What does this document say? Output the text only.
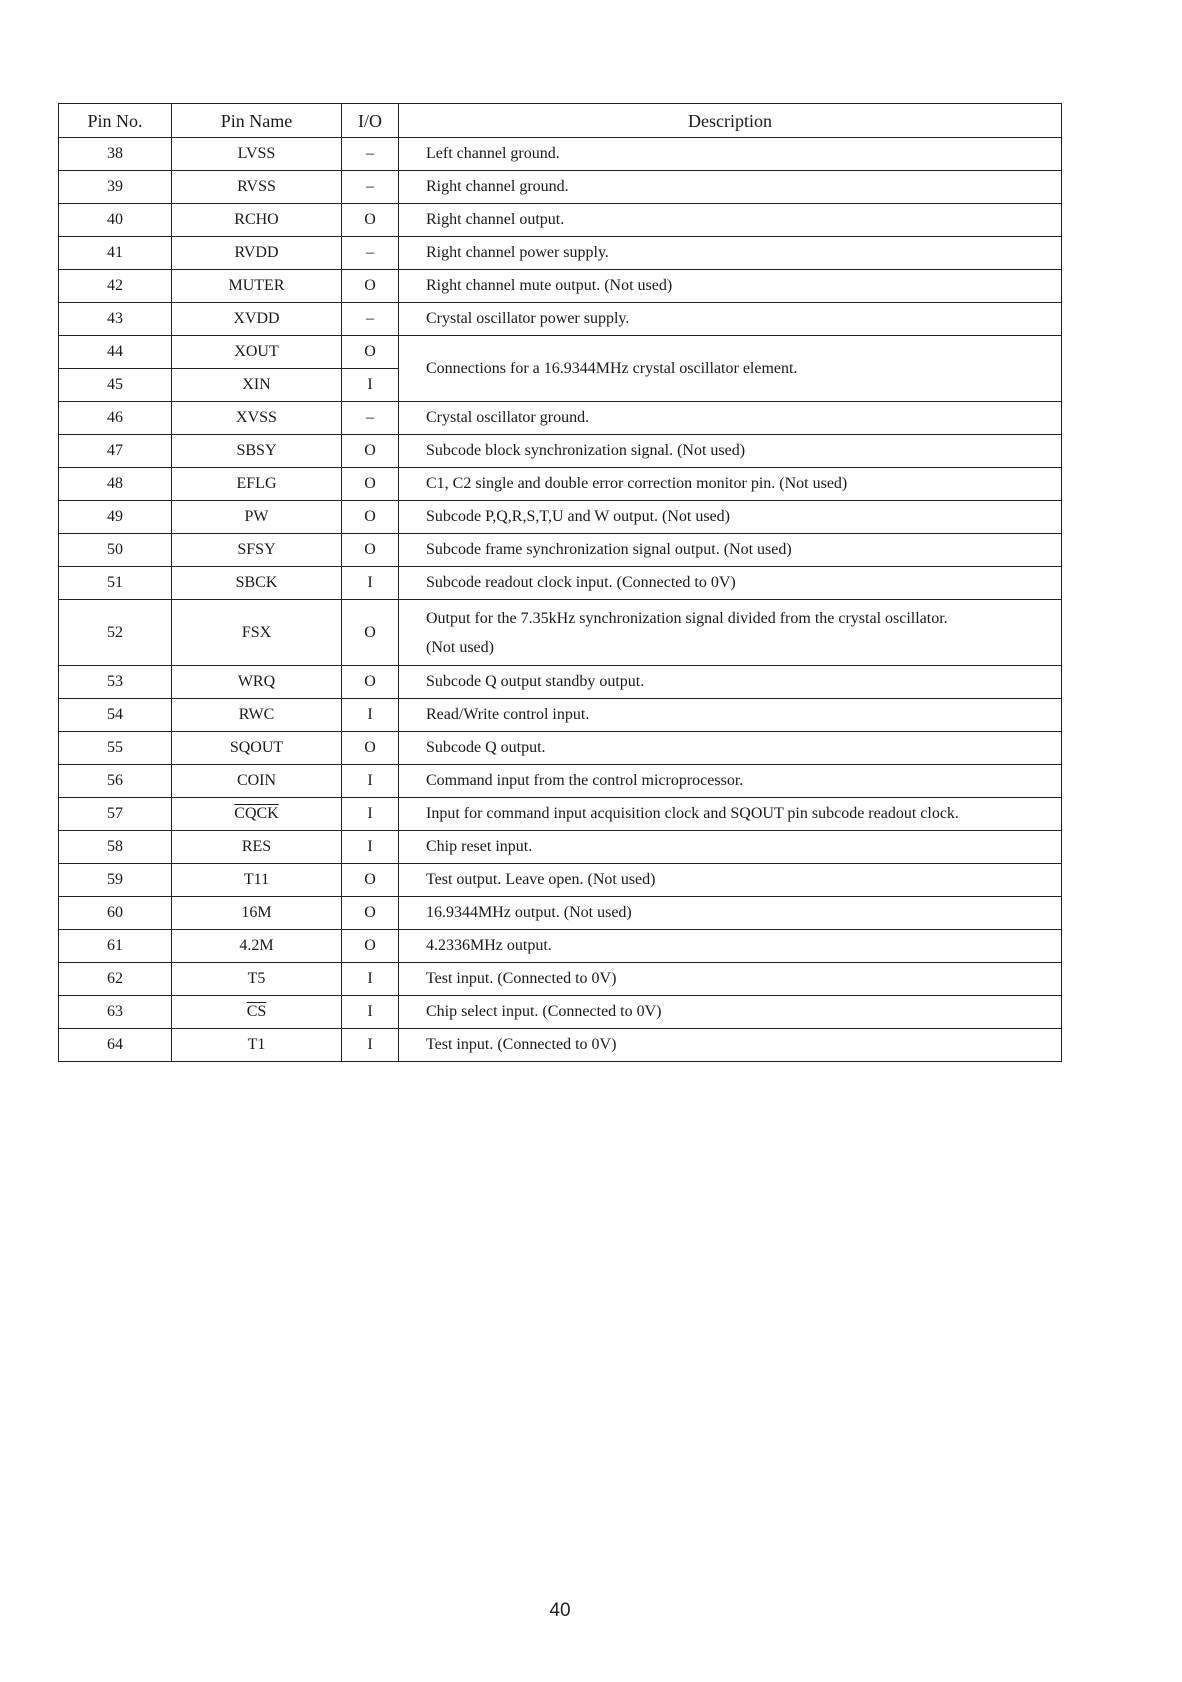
Pin No.	Pin Name	I/O	Description
38	LVSS	–	Left channel ground.
39	RVSS	–	Right channel ground.
40	RCHO	O	Right channel output.
41	RVDD	–	Right channel power supply.
42	MUTER	O	Right channel mute output. (Not used)
43	XVDD	–	Crystal oscillator power supply.
44	XOUT	O	Connections for a 16.9344MHz crystal oscillator element.
45	XIN	I	
46	XVSS	–	Crystal oscillator ground.
47	SBSY	O	Subcode block synchronization signal. (Not used)
48	EFLG	O	C1, C2 single and double error correction monitor pin. (Not used)
49	PW	O	Subcode P,Q,R,S,T,U and W output. (Not used)
50	SFSY	O	Subcode frame synchronization signal output. (Not used)
51	SBCK	I	Subcode readout clock input. (Connected to 0V)
52	FSX	O	Output for the 7.35kHz synchronization signal divided from the crystal oscillator.
(Not used)
53	WRQ	O	Subcode Q output standby output.
54	RWC	I	Read/Write control input.
55	SQOUT	O	Subcode Q output.
56	COIN	I	Command input from the control microprocessor.
57	CQCK	I	Input for command input acquisition clock and SQOUT pin subcode readout clock.
58	RES	I	Chip reset input.
59	T11	O	Test output. Leave open. (Not used)
60	16M	O	16.9344MHz output. (Not used)
61	4.2M	O	4.2336MHz output.
62	T5	I	Test input. (Connected to 0V)
63	$\overline{CS}$	I	Chip select input. (Connected to 0V)
64	T1	I	Test input. (Connected to 0V)
40
